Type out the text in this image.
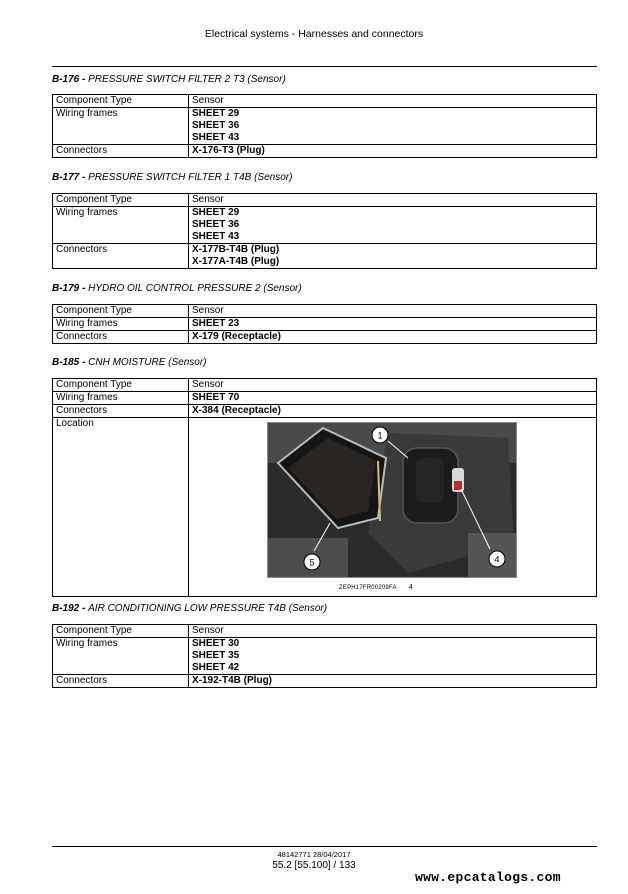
Electrical systems - Harnesses and connectors
B-176 - PRESSURE SWITCH FILTER 2 T3 (Sensor)
Component Type	Sensor
Wiring frames	SHEET 29
SHEET 36
SHEET 43

Connectors	X-176-T3 (Plug)
B-177 - PRESSURE SWITCH FILTER 1 T4B (Sensor)
Component Type	Sensor
Wiring frames	SHEET 29
SHEET 36
SHEET 43

Connectors	X-177B-T4B (Plug)
X-177A-T4B (Plug)
B-179 - HYDRO OIL CONTROL PRESSURE 2 (Sensor)
Component Type	Sensor
Wiring frames	SHEET 23

Connectors	X-179 (Receptacle)
B-185 - CNH MOISTURE (Sensor)
Component Type	Sensor
Wiring frames	SHEET 70

Connectors	X-384 (Receptacle)

Location	1
4
5
ZEPH17FR00209FA 4
B-192 - AIR CONDITIONING LOW PRESSURE T4B (Sensor)
Component Type	Sensor
Wiring frames	SHEET 30
SHEET 35
SHEET 42

Connectors	X-192-T4B (Plug)
48142771 28/04/2017
55.2 [55.100] / 133
www.epcatalogs.com
